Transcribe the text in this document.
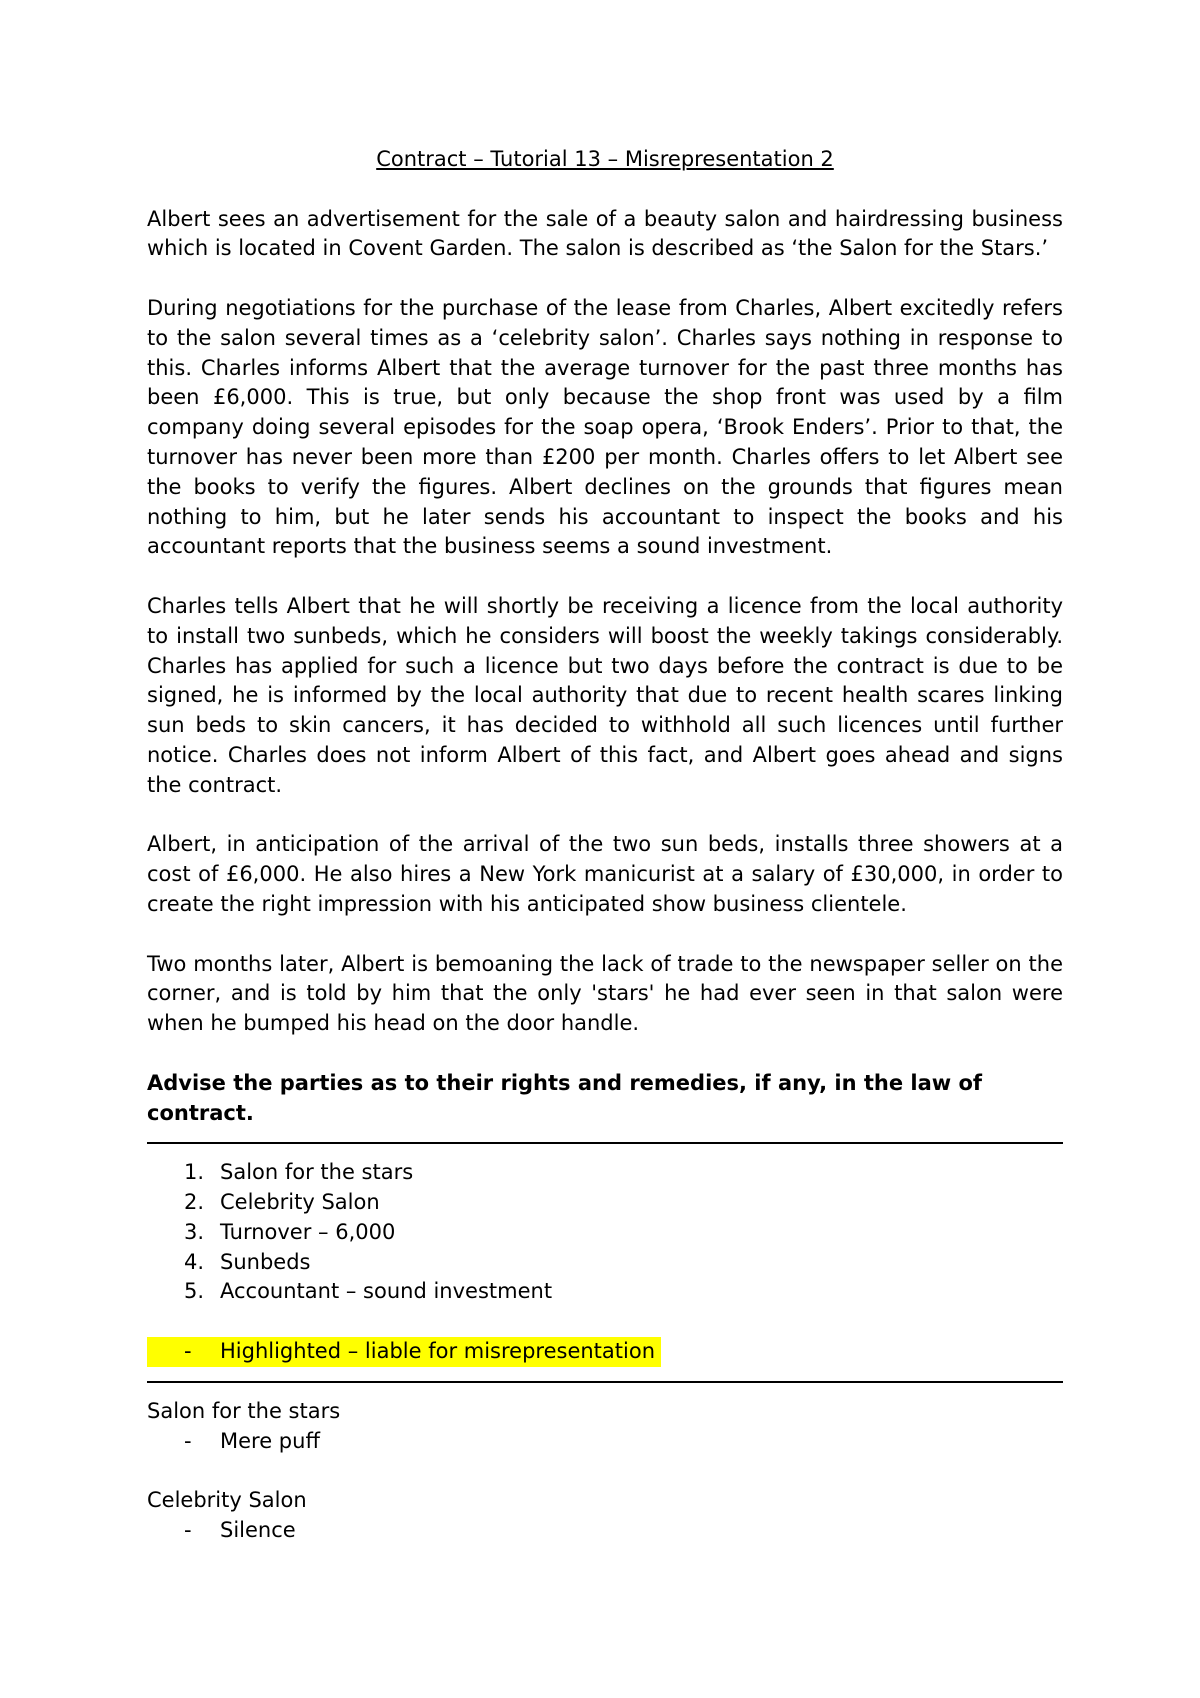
Contract – Tutorial 13 – Misrepresentation 2

Albert sees an advertisement for the sale of a beauty salon and hairdressing business which is located in Covent Garden. The salon is described as ‘the Salon for the Stars.’

During negotiations for the purchase of the lease from Charles, Albert excitedly refers to the salon several times as a ‘celebrity salon’. Charles says nothing in response to this. Charles informs Albert that the average turnover for the past three months has been £6,000. This is true, but only because the shop front was used by a film company doing several episodes for the soap opera, ‘Brook Enders’. Prior to that, the turnover has never been more than £200 per month. Charles offers to let Albert see the books to verify the figures. Albert declines on the grounds that figures mean nothing to him, but he later sends his accountant to inspect the books and his accountant reports that the business seems a sound investment.

Charles tells Albert that he will shortly be receiving a licence from the local authority to install two sunbeds, which he considers will boost the weekly takings considerably. Charles has applied for such a licence but two days before the contract is due to be signed, he is informed by the local authority that due to recent health scares linking sun beds to skin cancers, it has decided to withhold all such licences until further notice. Charles does not inform Albert of this fact, and Albert goes ahead and signs the contract.

Albert, in anticipation of the arrival of the two sun beds, installs three showers at a cost of £6,000. He also hires a New York manicurist at a salary of £30,000, in order to create the right impression with his anticipated show business clientele.

Two months later, Albert is bemoaning the lack of trade to the newspaper seller on the corner, and is told by him that the only 'stars' he had ever seen in that salon were when he bumped his head on the door handle.

Advise the parties as to their rights and remedies, if any, in the law of contract.

1. Salon for the stars
2. Celebrity Salon
3. Turnover – 6,000
4. Sunbeds
5. Accountant – sound investment
- Highlighted – liable for misrepresentation

Salon for the stars

- Mere puff

Celebrity Salon

- Silence
